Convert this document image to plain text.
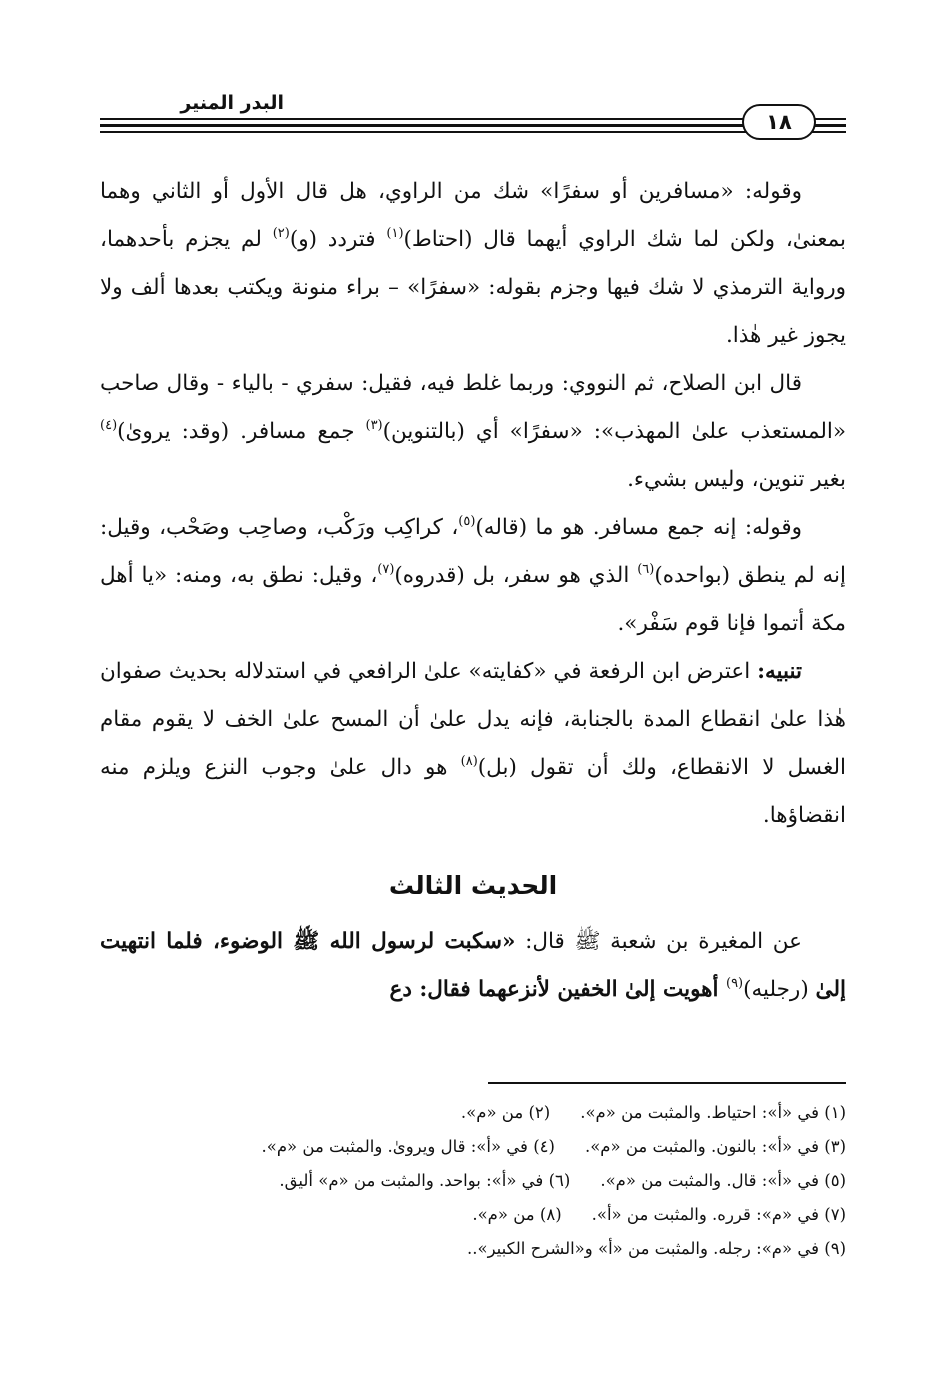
البدر المنير
١٨

وقوله: «مسافرين أو سفرًا» شك من الراوي، هل قال الأول أو الثاني وهما بمعنىٰ، ولكن لما شك الراوي أيهما قال (احتاط)$^{(١)}$ فتردد (و)$^{(٢)}$ لم يجزم بأحدهما، ورواية الترمذي لا شك فيها وجزم بقوله: «سفرًا» – براء منونة ويكتب بعدها ألف ولا يجوز غير هٰذا.

قال ابن الصلاح، ثم النووي: وربما غلط فيه، فقيل: سفري - بالياء - وقال صاحب «المستعذب علىٰ المهذب»: «سفرًا» أي (بالتنوين)$^{(٣)}$ جمع مسافر. (وقد: يروىٰ)$^{(٤)}$ بغير تنوين، وليس بشيء.

وقوله: إنه جمع مسافر. هو ما (قاله)$^{(٥)}$، كراكِب ورَكْب، وصاحِب وصَحْب، وقيل: إنه لم ينطق (بواحده)$^{(٦)}$ الذي هو سفر، بل (قدروه)$^{(٧)}$، وقيل: نطق به، ومنه: «يا أهل مكة أتموا فإنا قوم سَفْر».

تنبيه: اعترض ابن الرفعة في «كفايته» علىٰ الرافعي في استدلاله بحديث صفوان هٰذا علىٰ انقطاع المدة بالجنابة، فإنه يدل علىٰ أن المسح علىٰ الخف لا يقوم مقام الغسل لا الانقطاع، ولك أن تقول (بل)$^{(٨)}$ هو دال علىٰ وجوب النزع ويلزم منه انقضاؤها.

الحديث الثالث

عن المغيرة بن شعبة ﷺ قال: «سكبت لرسول الله ﷺ الوضوء، فلما انتهيت إلىٰ (رجليه)$^{(٩)}$ أهويت إلىٰ الخفين لأنزعهما فقال: دع

(١) في «أ»: احتياط. والمثبت من «م».
(٢) من «م».
(٣) في «أ»: بالنون. والمثبت من «م».
(٤) في «أ»: قال ويروىٰ. والمثبت من «م».
(٥) في «أ»: قال. والمثبت من «م».
(٦) في «أ»: بواحد. والمثبت من «م» أليق.
(٧) في «م»: قرره. والمثبت من «أ».
(٨) من «م».
(٩) في «م»: رجله. والمثبت من «أ» و«الشرح الكبير»..
